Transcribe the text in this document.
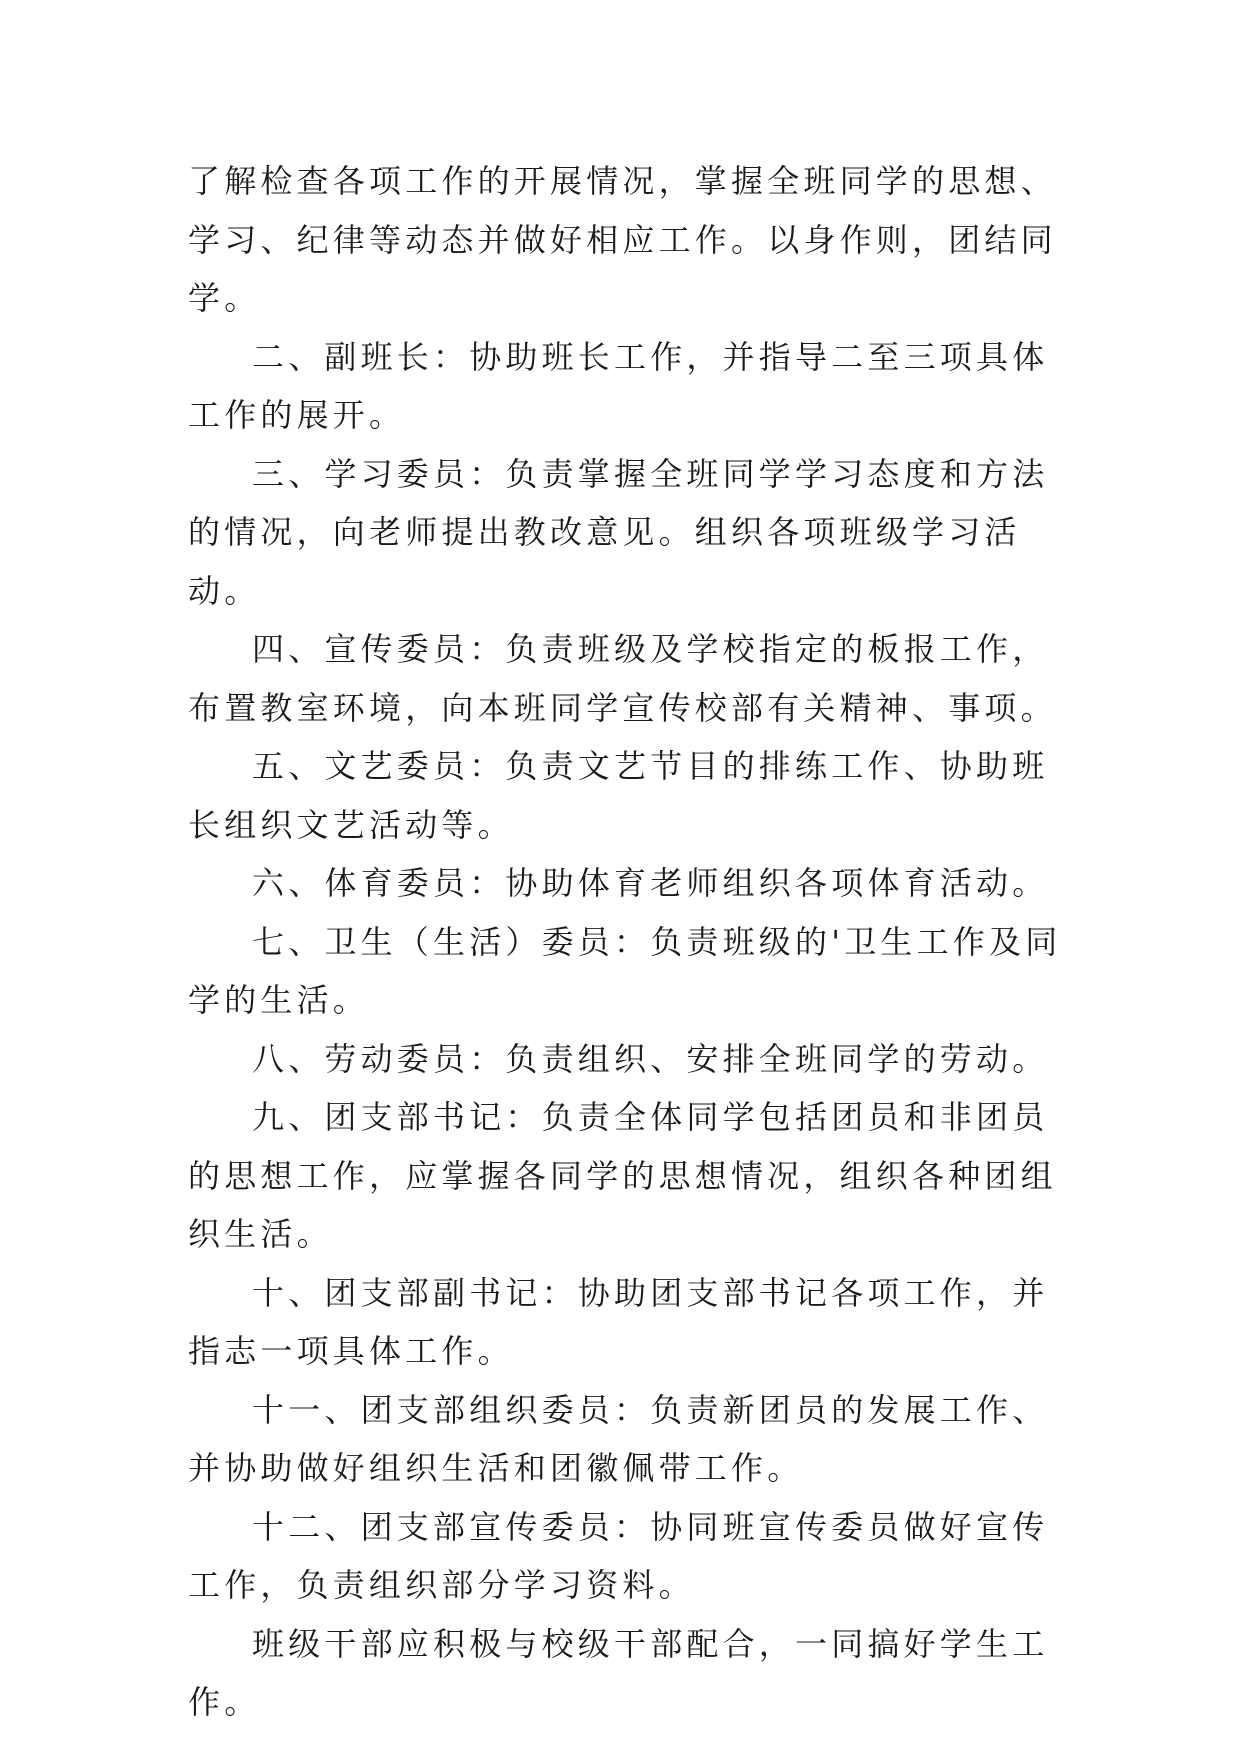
了解检查各项工作的开展情况，掌握全班同学的思想、学习、纪律等动态并做好相应工作。以身作则，团结同学。

二、副班长：协助班长工作，并指导二至三项具体工作的展开。

三、学习委员：负责掌握全班同学学习态度和方法的情况，向老师提出教改意见。组织各项班级学习活动。

四、宣传委员：负责班级及学校指定的板报工作，布置教室环境，向本班同学宣传校部有关精神、事项。

五、文艺委员：负责文艺节目的排练工作、协助班长组织文艺活动等。

六、体育委员：协助体育老师组织各项体育活动。

七、卫生（生活）委员：负责班级的'卫生工作及同学的生活。

八、劳动委员：负责组织、安排全班同学的劳动。

九、团支部书记：负责全体同学包括团员和非团员的思想工作，应掌握各同学的思想情况，组织各种团组织生活。

十、团支部副书记：协助团支部书记各项工作，并指志一项具体工作。

十一、团支部组织委员：负责新团员的发展工作、并协助做好组织生活和团徽佩带工作。

十二、团支部宣传委员：协同班宣传委员做好宣传工作，负责组织部分学习资料。

班级干部应积极与校级干部配合，一同搞好学生工作。
